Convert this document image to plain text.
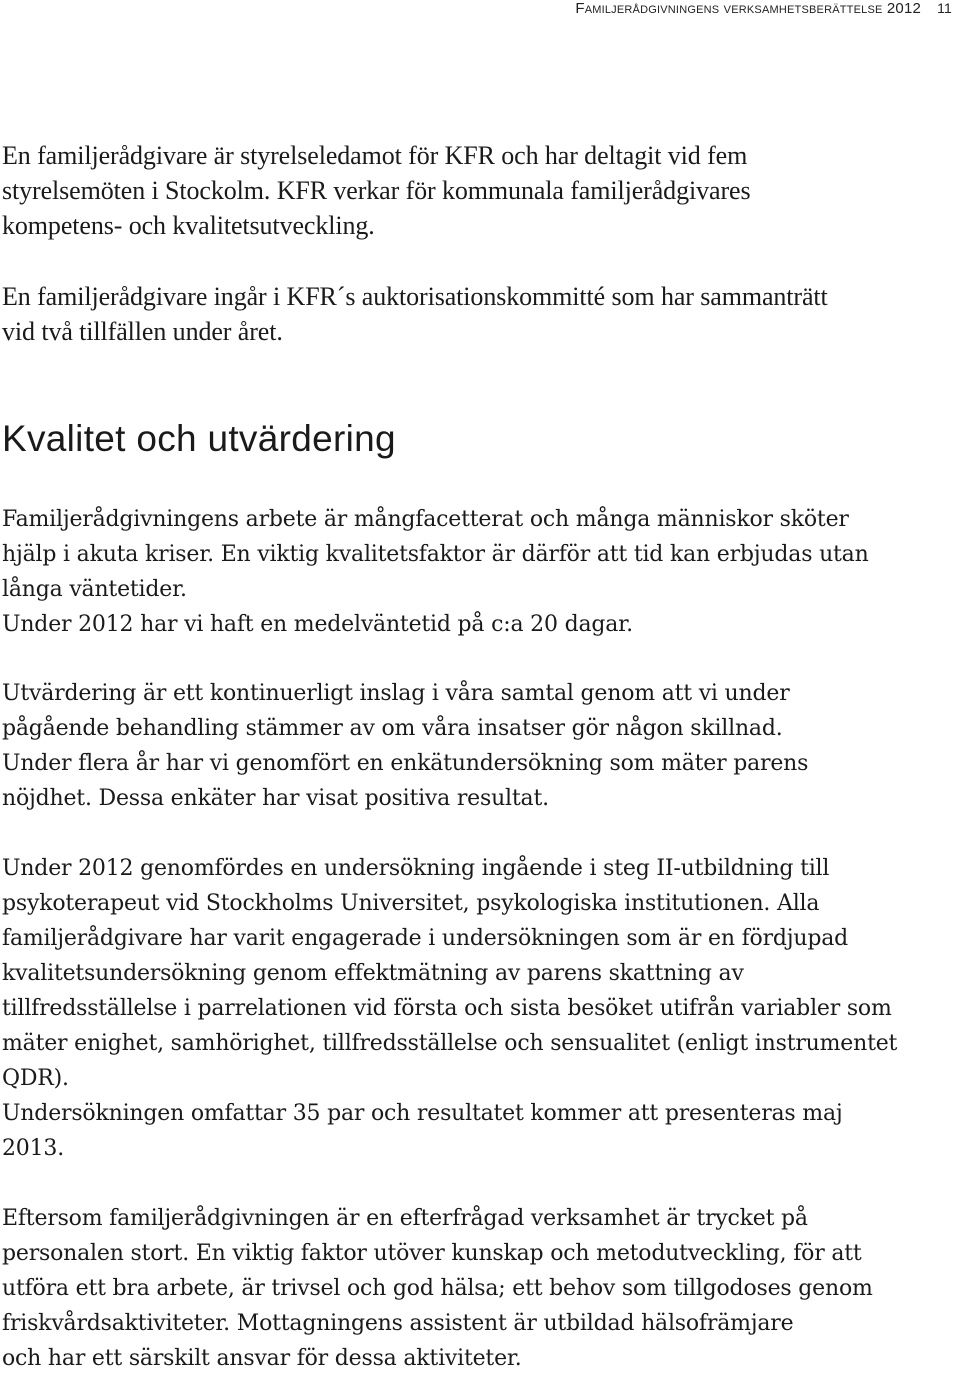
Familjerådgivningens verksamhetsberättelse 2012 11

En familjerådgivare är styrelseledamot för KFR och har deltagit vid fem
styrelsemöten i Stockolm. KFR verkar för kommunala familjerådgivares
kompetens- och kvalitetsutveckling.

En familjerådgivare ingår i KFR´s auktorisationskommitté som har sammanträtt
vid två tillfällen under året.

Kvalitet och utvärdering

Familjerådgivningens arbete är mångfacetterat och många människor sköter
hjälp i akuta kriser. En viktig kvalitetsfaktor är därför att tid kan erbjudas utan
långa väntetider.
Under 2012 har vi haft en medelväntetid på c:a 20 dagar.

Utvärdering är ett kontinuerligt inslag i våra samtal genom att vi under
pågående behandling stämmer av om våra insatser gör någon skillnad.
Under flera år har vi genomfört en enkätundersökning som mäter parens
nöjdhet. Dessa enkäter har visat positiva resultat.

Under 2012 genomfördes en undersökning ingående i steg II-utbildning till
psykoterapeut vid Stockholms Universitet, psykologiska institutionen. Alla
familjerådgivare har varit engagerade i undersökningen som är en fördjupad
kvalitetsundersökning genom effektmätning av parens skattning av
tillfredsställelse i parrelationen vid första och sista besöket utifrån variabler som
mäter enighet, samhörighet, tillfredsställelse och sensualitet (enligt instrumentet
QDR).
Undersökningen omfattar 35 par och resultatet kommer att presenteras maj
2013.

Eftersom familjerådgivningen är en efterfrågad verksamhet är trycket på
personalen stort. En viktig faktor utöver kunskap och metodutveckling, för att
utföra ett bra arbete, är trivsel och god hälsa; ett behov som tillgodoses genom
friskvårdsaktiviteter. Mottagningens assistent är utbildad hälsofrämjare
och har ett särskilt ansvar för dessa aktiviteter.
